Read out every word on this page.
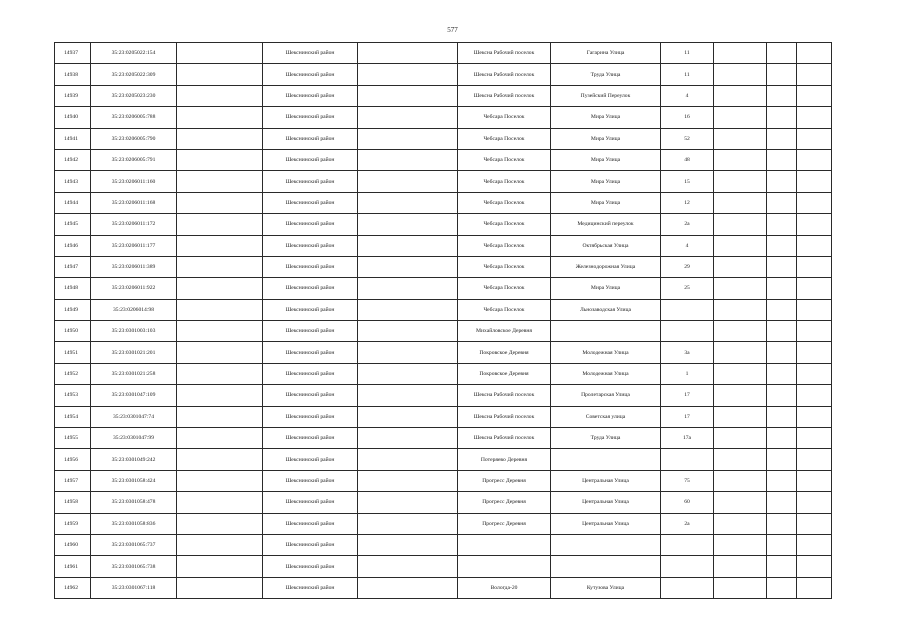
577
14937	35:23:0205022:154		Шекснинский район		Шексна Рабочий поселок	Гагарина Улица	11			
14938	35:23:0205022:309		Шекснинский район		Шексна Рабочий поселок	Труда Улица	11			
14939	35:23:0205023:230		Шекснинский район		Шексна Рабочий поселок	Пузейский Переулок	4			
14940	35:23:0206005:788		Шекснинский район		Чебсара Поселок	Мира Улица	16			
14941	35:23:0206005:790		Шекснинский район		Чебсара Поселок	Мира Улица	52			
14942	35:23:0206005:791		Шекснинский район		Чебсара Поселок	Мира Улица	48			
14943	35:23:0206011:160		Шекснинский район		Чебсара Поселок	Мира Улица	15			
14944	35:23:0206011:168		Шекснинский район		Чебсара Поселок	Мира Улица	12			
14945	35:23:0206011:172		Шекснинский район		Чебсара Поселок	Медицинский переулок	2а			
14946	35:23:0206011:177		Шекснинский район		Чебсара Поселок	Октябрьская Улица	4			
14947	35:23:0206011:389		Шекснинский район		Чебсара Поселок	Железнодорожная Улица	29			
14948	35:23:0206011:922		Шекснинский район		Чебсара Поселок	Мира Улица	25			
14949	35:23:0206014:98		Шекснинский район		Чебсара Поселок	Льнозаводская Улица				
14950	35:23:0301003:103		Шекснинский район		Михайловское Деревня					
14951	35:23:0301021:201		Шекснинский район		Покровское Деревня	Молодежная Улица	3а			
14952	35:23:0301021:258		Шекснинский район		Покровское Деревня	Молодежная Улица	1			
14953	35:23:0301047:109		Шекснинский район		Шексна Рабочий поселок	Пролетарская Улица	17			
14954	35:23:0301047:74		Шекснинский район		Шексна Рабочий поселок	Советская улица	17			
14955	35:23:0301047:99		Шекснинский район		Шексна Рабочий поселок	Труда Улица	17а			
14956	35:23:0301049:242		Шекснинский район		Потеряево Деревня					
14957	35:23:0301058:424		Шекснинский район		Прогресс Деревня	Центральная Улица	75			
14958	35:23:0301058:478		Шекснинский район		Прогресс Деревня	Центральная Улица	60			
14959	35:23:0301058:836		Шекснинский район		Прогресс Деревня	Центральная Улица	2а			
14960	35:23:0301065:737		Шекснинский район							
14961	35:23:0301065:738		Шекснинский район							
14962	35:23:0301067:118		Шекснинский район		Вологда-20	Кутузова Улица				
